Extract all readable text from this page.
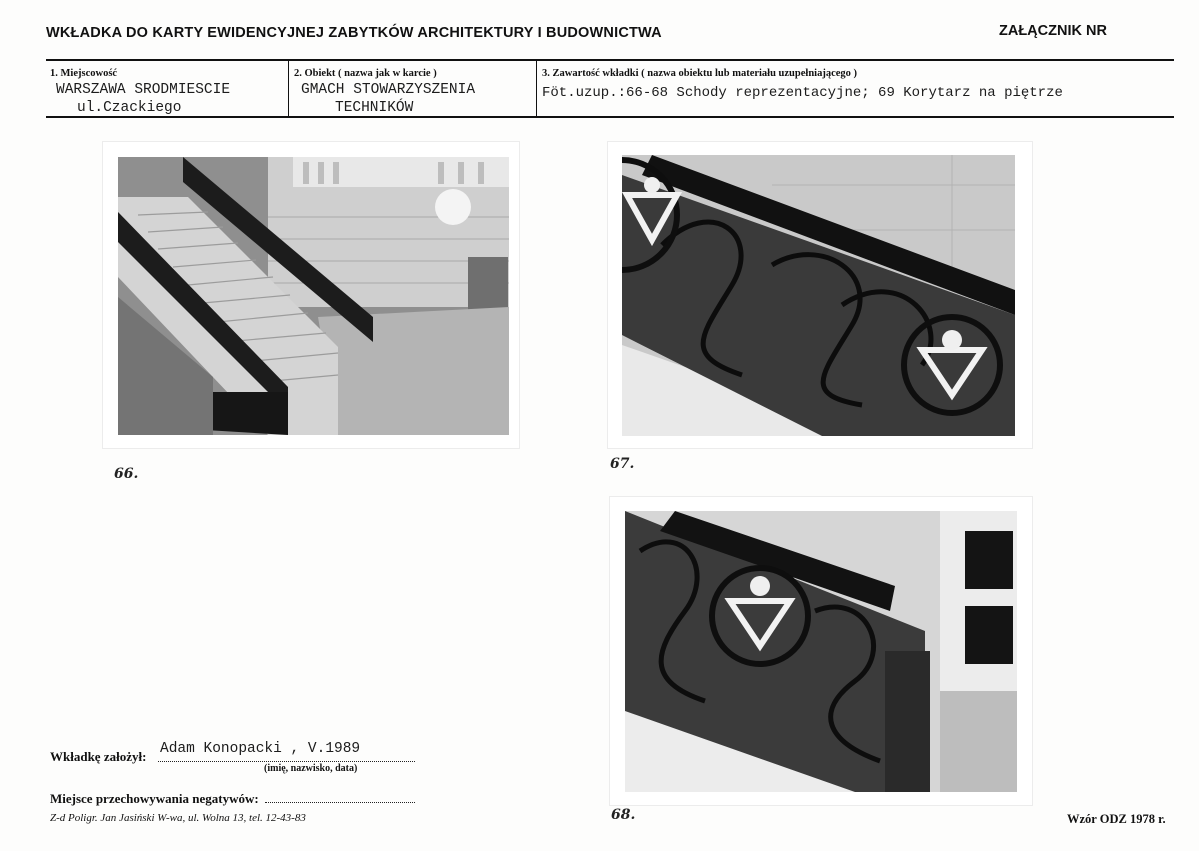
WKŁADKA DO KARTY EWIDENCYJNEJ ZABYTKÓW ARCHITEKTURY I BUDOWNICTWA	ZAŁĄCZNIK NR
1. Miejscowość
WARSZAWA SRODMIESCIE
ul.Czackiego
2. Obiekt ( nazwa jak w karcie )
GMACH STOWARZYSZENIA
TECHNIKÓW
3. Zawartość wkładki ( nazwa obiektu lub materiału uzupełniającego )
Föt.uzup.:66-68 Schody reprezentacyjne; 69 Korytarz na piętrze
66.
67.
68.
Wkładkę założył: Adam Konopacki , V.1989
(imię, nazwisko, data)
Miejsce przechowywania negatywów:
Z-d Poligr. Jan Jasiński W-wa, ul. Wolna 13, tel. 12-43-83	Wzór ODZ 1978 r.
